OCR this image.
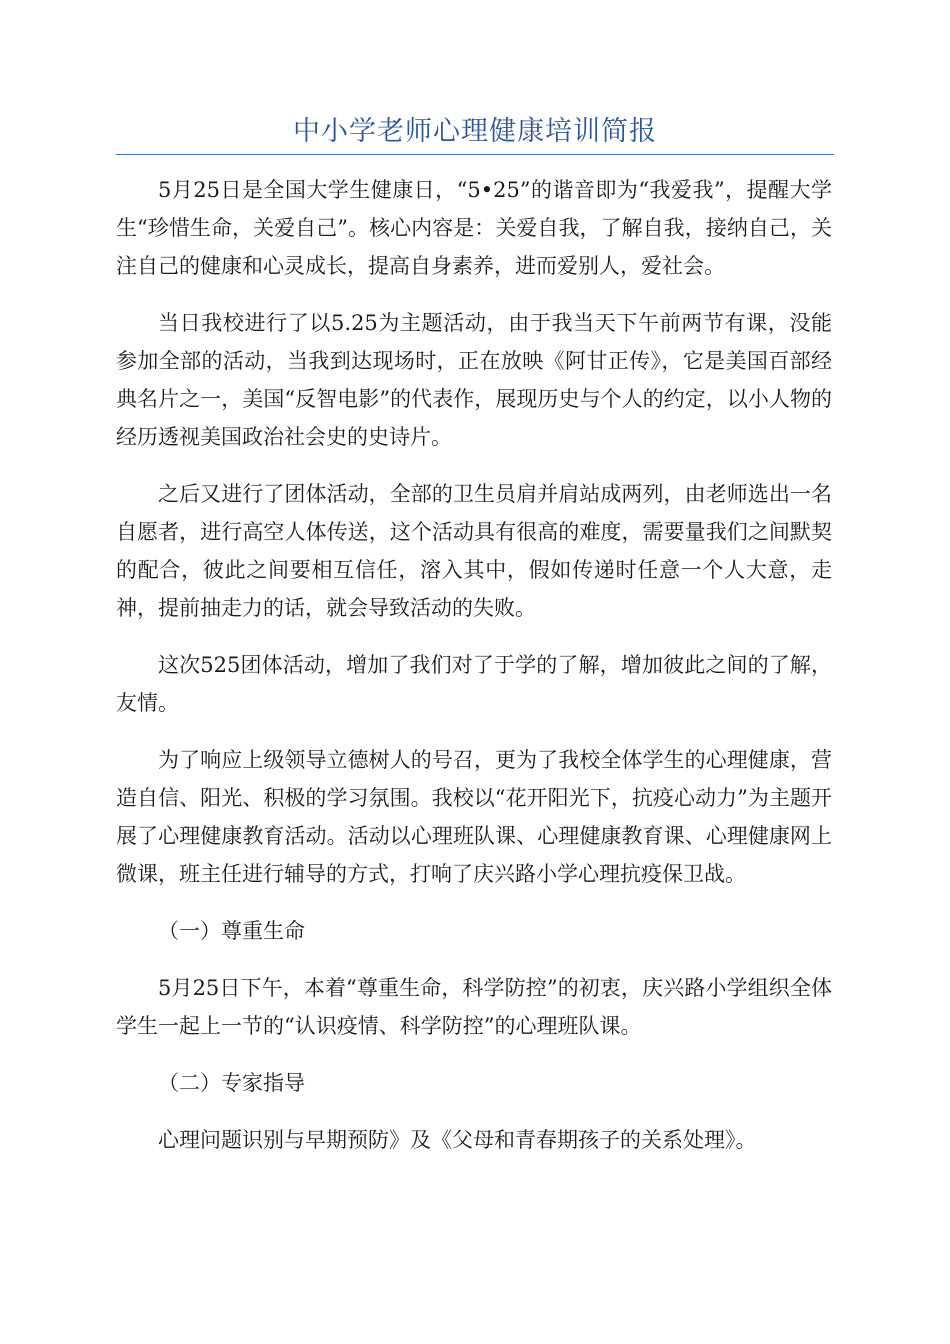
中小学老师心理健康培训简报

5月25日是全国大学生健康日，“5•25”的谐音即为“我爱我”，提醒大学生“珍惜生命，关爱自己”。核心内容是：关爱自我，了解自我，接纳自己，关注自己的健康和心灵成长，提高自身素养，进而爱别人，爱社会。

当日我校进行了以5.25为主题活动，由于我当天下午前两节有课，没能参加全部的活动，当我到达现场时，正在放映《阿甘正传》，它是美国百部经典名片之一，美国“反智电影”的代表作，展现历史与个人的约定，以小人物的经历透视美国政治社会史的史诗片。

之后又进行了团体活动，全部的卫生员肩并肩站成两列，由老师选出一名自愿者，进行高空人体传送，这个活动具有很高的难度，需要量我们之间默契的配合，彼此之间要相互信任，溶入其中，假如传递时任意一个人大意，走神，提前抽走力的话，就会导致活动的失败。

这次525团体活动，增加了我们对了于学的了解，增加彼此之间的了解，友情。

为了响应上级领导立德树人的号召，更为了我校全体学生的心理健康，营造自信、阳光、积极的学习氛围。我校以“花开阳光下，抗疫心动力”为主题开展了心理健康教育活动。活动以心理班队课、心理健康教育课、心理健康网上微课，班主任进行辅导的方式，打响了庆兴路小学心理抗疫保卫战。

（一）尊重生命

5月25日下午，本着“尊重生命，科学防控”的初衷，庆兴路小学组织全体学生一起上一节的“认识疫情、科学防控”的心理班队课。

（二）专家指导

心理问题识别与早期预防》及《父母和青春期孩子的关系处理》。
